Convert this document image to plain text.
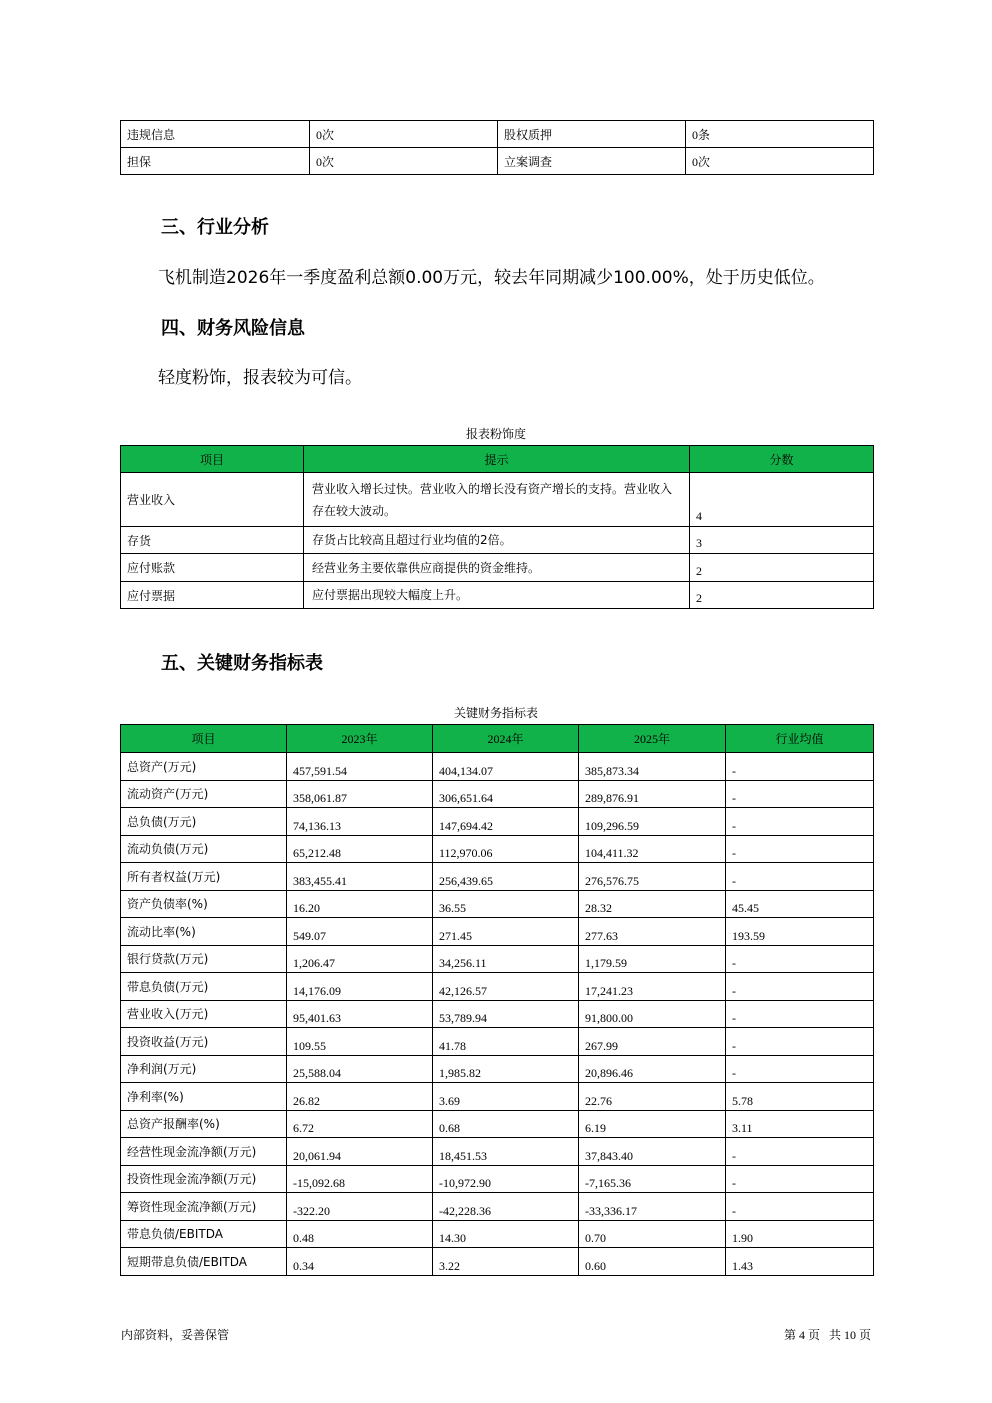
违规信息	0次	股权质押	0条
担保	0次	立案调查	0次
三、行业分析

飞机制造2026年一季度盈利总额0.00万元，较去年同期减少100.00%，处于历史低位。

四、财务风险信息

轻度粉饰，报表较为可信。

报表粉饰度

项目	提示	分数
营业收入	营业收入增长过快。营业收入的增长没有资产增长的支持。营业收入存在较大波动。	4
存货	存货占比较高且超过行业均值的2倍。	3
应付账款	经营业务主要依靠供应商提供的资金维持。	2
应付票据	应付票据出现较大幅度上升。	2
五、关键财务指标表

关键财务指标表

项目	2023年	2024年	2025年	行业均值
总资产(万元)	457,591.54	404,134.07	385,873.34	-
流动资产(万元)	358,061.87	306,651.64	289,876.91	-
总负债(万元)	74,136.13	147,694.42	109,296.59	-
流动负债(万元)	65,212.48	112,970.06	104,411.32	-
所有者权益(万元)	383,455.41	256,439.65	276,576.75	-
资产负债率(%)	16.20	36.55	28.32	45.45
流动比率(%)	549.07	271.45	277.63	193.59
银行贷款(万元)	1,206.47	34,256.11	1,179.59	-
带息负债(万元)	14,176.09	42,126.57	17,241.23	-
营业收入(万元)	95,401.63	53,789.94	91,800.00	-
投资收益(万元)	109.55	41.78	267.99	-
净利润(万元)	25,588.04	1,985.82	20,896.46	-
净利率(%)	26.82	3.69	22.76	5.78
总资产报酬率(%)	6.72	0.68	6.19	3.11
经营性现金流净额(万元)	20,061.94	18,451.53	37,843.40	-
投资性现金流净额(万元)	-15,092.68	-10,972.90	-7,165.36	-
筹资性现金流净额(万元)	-322.20	-42,228.36	-33,336.17	-
带息负债/EBITDA	0.48	14.30	0.70	1.90
短期带息负债/EBITDA	0.34	3.22	0.60	1.43
内部资料，妥善保管	第 4 页   共 10 页
